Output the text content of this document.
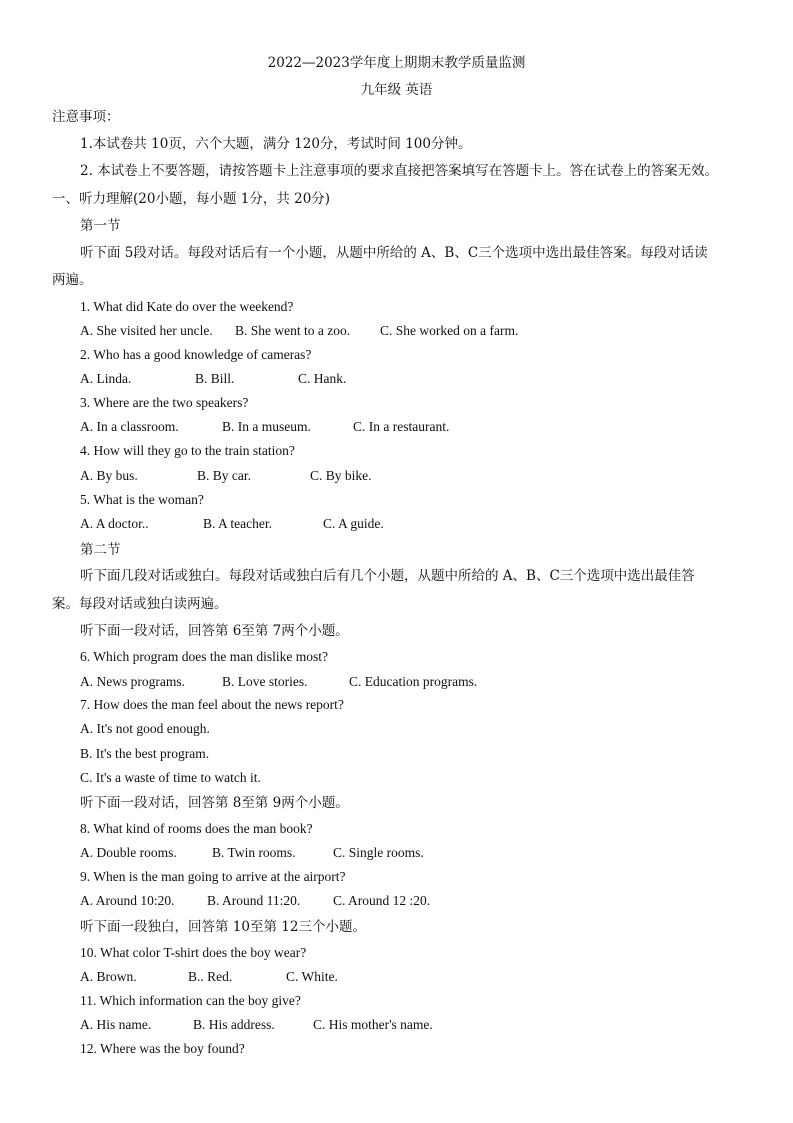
2022—2023学年度上期期末教学质量监测
九年级 英语
注意事项：
1.本试卷共 10页，六个大题，满分 120分，考试时间 100分钟。
2. 本试卷上不要答题，请按答题卡上注意事项的要求直接把答案填写在答题卡上。答在试卷上的答案无效。
一、听力理解(20小题，每小题 1分，共 20分)
第一节
听下面 5段对话。每段对话后有一个小题，从题中所给的 A、B、C三个选项中选出最佳答案。每段对话读
两遍。
1. What did Kate do over the weekend?
A. She visited her uncle. B. She went to a zoo. C. She worked on a farm.
2. Who has a good knowledge of cameras?
A. Linda.	B. Bill.	C. Hank.
3. Where are the two speakers?
A. In a classroom.	B. In a museum.	C. In a restaurant.
4. How will they go to the train station?
A. By bus.	B. By car.	C. By bike.
5. What is the woman?
A. A doctor..	B. A teacher.	C. A guide.
第二节
听下面几段对话或独白。每段对话或独白后有几个小题，从题中所给的 A、B、C三个选项中选出最佳答
案。每段对话或独白读两遍。
听下面一段对话，回答第 6至第 7两个小题。
6. Which program does the man dislike most?
A. News programs.	B. Love stories.	C. Education programs.
7. How does the man feel about the news report?
A. It's not good enough.
B. It's the best program.
C. It's a waste of time to watch it.
听下面一段对话，回答第 8至第 9两个小题。
8. What kind of rooms does the man book?
A. Double rooms.	B. Twin rooms.	C. Single rooms.
9. When is the man going to arrive at the airport?
A. Around 10:20. B. Around 11:20. C. Around 12 :20.
听下面一段独白，回答第 10至第 12三个小题。
10. What color T-shirt does the boy wear?
A. Brown.	B.. Red.	C. White.
11. Which information can the boy give?
A. His name.	B. His address.	C. His mother's name.
12. Where was the boy found?
